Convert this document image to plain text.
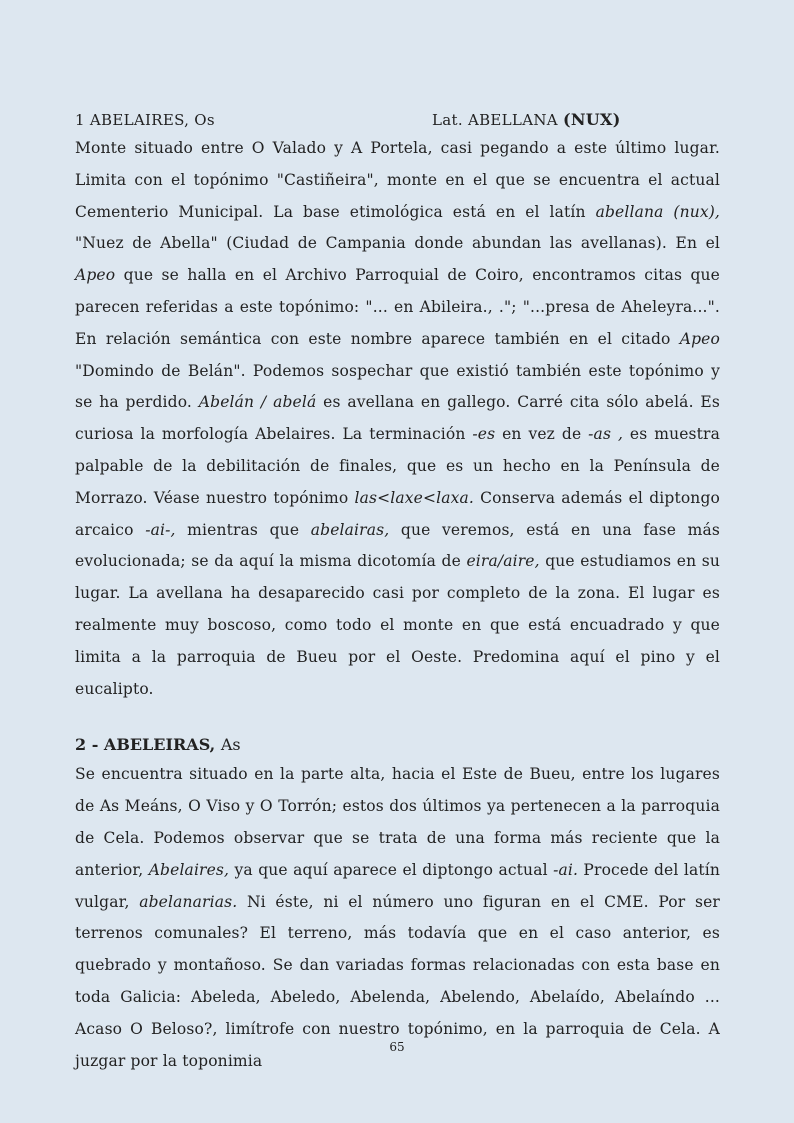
1 ABELAIRES, Os	Lat. ABELLANA (NUX)

Monte situado entre O Valado y A Portela, casi pegando a este último lugar. Limita con el topónimo "Castiñeira", monte en el que se encuentra el actual Cementerio Municipal. La base etimológica está en el latín abellana (nux), "Nuez de Abella" (Ciudad de Campania donde abundan las avellanas). En el Apeo que se halla en el Archivo Parroquial de Coiro, encontramos citas que parecen referidas a este topónimo: "... en Abileira., ."; "...presa de Aheleyra...". En relación semántica con este nombre aparece también en el citado Apeo "Domindo de Belán". Podemos sospechar que existió también este topónimo y se ha perdido. Abelán / abelá es avellana en gallego. Carré cita sólo abelá. Es curiosa la morfología Abelaires. La terminación -es en vez de -as , es muestra palpable de la debilitación de finales, que es un hecho en la Península de Morrazo. Véase nuestro topónimo las<laxe<laxa. Conserva además el diptongo arcaico -ai-, mientras que abelairas, que veremos, está en una fase más evolucionada; se da aquí la misma dicotomía de eira/aire, que estudiamos en su lugar. La avellana ha desaparecido casi por completo de la zona. El lugar es realmente muy boscoso, como todo el monte en que está encuadrado y que limita a la parroquia de Bueu por el Oeste. Predomina aquí el pino y el eucalipto.

2 - ABELEIRAS, As

Se encuentra situado en la parte alta, hacia el Este de Bueu, entre los lugares de As Meáns, O Viso y O Torrón; estos dos últimos ya pertenecen a la parroquia de Cela. Podemos observar que se trata de una forma más reciente que la anterior, Abelaires, ya que aquí aparece el diptongo actual -ai. Procede del latín vulgar, abelanarias. Ni éste, ni el número uno figuran en el CME. Por ser terrenos comunales? El terreno, más todavía que en el caso anterior, es quebrado y montañoso. Se dan variadas formas relacionadas con esta base en toda Galicia: Abeleda, Abeledo, Abelenda, Abelendo, Abelaído, Abelaíndo ... Acaso O Beloso?, limítrofe con nuestro topónimo, en la parroquia de Cela. A juzgar por la toponimia

65
